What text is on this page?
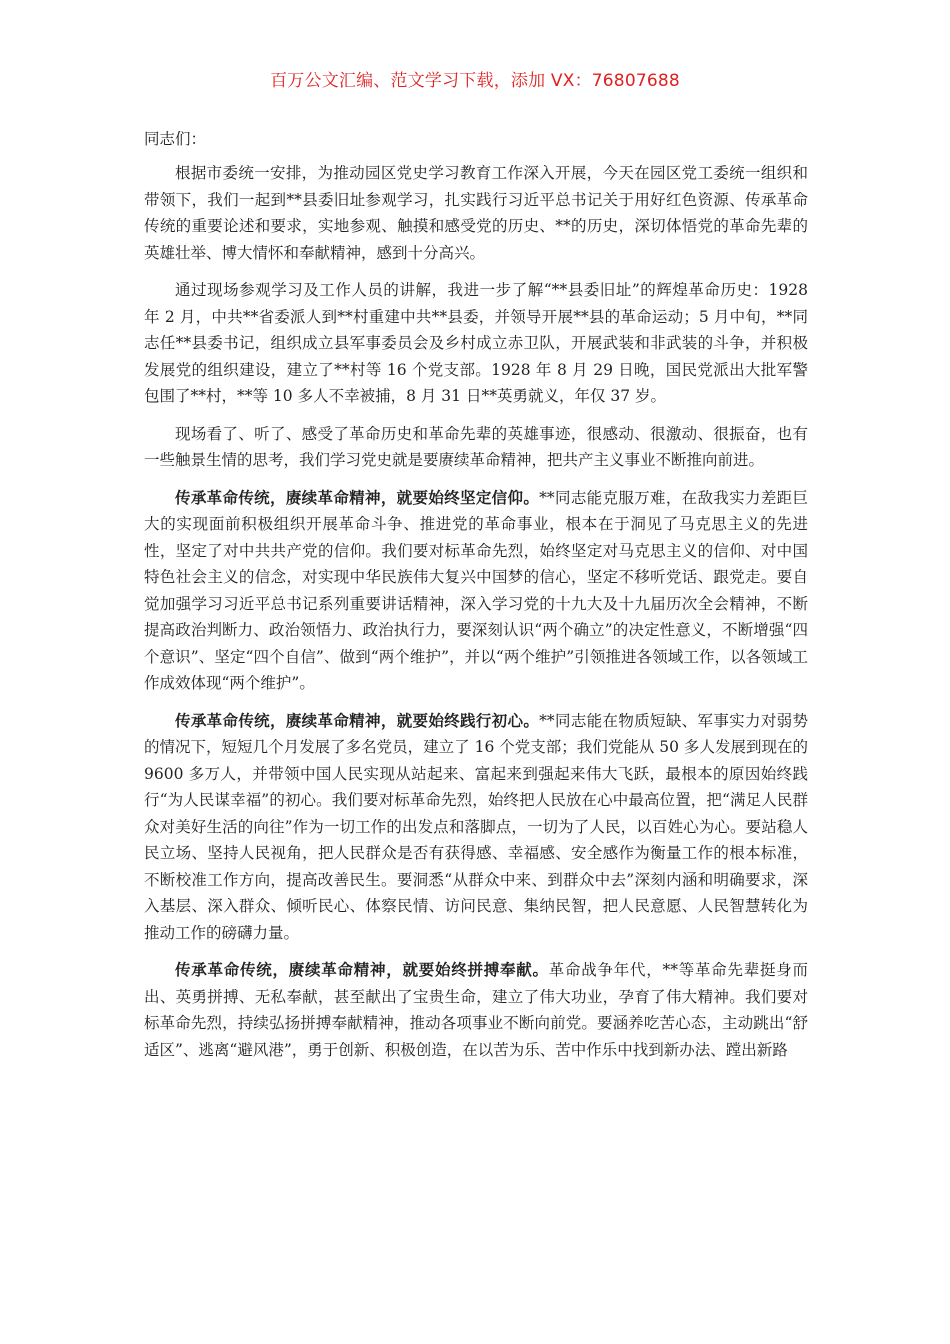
百万公文汇编、范文学习下载，添加 VX：76807688
同志们：

根据市委统一安排，为推动园区党史学习教育工作深入开展，今天在园区党工委统一组织和带领下，我们一起到**县委旧址参观学习，扎实践行习近平总书记关于用好红色资源、传承革命传统的重要论述和要求，实地参观、触摸和感受党的历史、**的历史，深切体悟党的革命先辈的英雄壮举、博大情怀和奉献精神，感到十分高兴。

通过现场参观学习及工作人员的讲解，我进一步了解“**县委旧址”的辉煌革命历史：1928 年 2 月，中共**省委派人到**村重建中共**县委，并领导开展**县的革命运动；5 月中旬，**同志任**县委书记，组织成立县军事委员会及乡村成立赤卫队，开展武装和非武装的斗争，并积极发展党的组织建设，建立了**村等 16 个党支部。1928 年 8 月 29 日晚，国民党派出大批军警包围了**村，**等 10 多人不幸被捕，8 月 31 日**英勇就义，年仅 37 岁。

现场看了、听了、感受了革命历史和革命先辈的英雄事迹，很感动、很激动、很振奋，也有一些触景生情的思考，我们学习党史就是要赓续革命精神，把共产主义事业不断推向前进。

传承革命传统，赓续革命精神，就要始终坚定信仰。**同志能克服万难，在敌我实力差距巨大的实现面前积极组织开展革命斗争、推进党的革命事业，根本在于洞见了马克思主义的先进性，坚定了对中共共产党的信仰。我们要对标革命先烈，始终坚定对马克思主义的信仰、对中国特色社会主义的信念，对实现中华民族伟大复兴中国梦的信心，坚定不移听党话、跟党走。要自觉加强学习习近平总书记系列重要讲话精神，深入学习党的十九大及十九届历次全会精神，不断提高政治判断力、政治领悟力、政治执行力，要深刻认识“两个确立”的决定性意义，不断增强“四个意识”、坚定“四个自信”、做到“两个维护”，并以“两个维护”引领推进各领域工作，以各领域工作成效体现“两个维护”。

传承革命传统，赓续革命精神，就要始终践行初心。**同志能在物质短缺、军事实力对弱势的情况下，短短几个月发展了多名党员，建立了 16 个党支部；我们党能从 50 多人发展到现在的 9600 多万人，并带领中国人民实现从站起来、富起来到强起来伟大飞跃，最根本的原因始终践行“为人民谋幸福”的初心。我们要对标革命先烈，始终把人民放在心中最高位置，把“满足人民群众对美好生活的向往”作为一切工作的出发点和落脚点，一切为了人民，以百姓心为心。要站稳人民立场、坚持人民视角，把人民群众是否有获得感、幸福感、安全感作为衡量工作的根本标准，不断校准工作方向，提高改善民生。要洞悉“从群众中来、到群众中去”深刻内涵和明确要求，深入基层、深入群众、倾听民心、体察民情、访问民意、集纳民智，把人民意愿、人民智慧转化为推动工作的磅礴力量。

传承革命传统，赓续革命精神，就要始终拼搏奉献。革命战争年代，**等革命先辈挺身而出、英勇拼搏、无私奉献，甚至献出了宝贵生命，建立了伟大功业，孕育了伟大精神。我们要对标革命先烈，持续弘扬拼搏奉献精神，推动各项事业不断向前党。要涵养吃苦心态，主动跳出“舒适区”、逃离“避风港”，勇于创新、积极创造，在以苦为乐、苦中作乐中找到新办法、蹚出新路
